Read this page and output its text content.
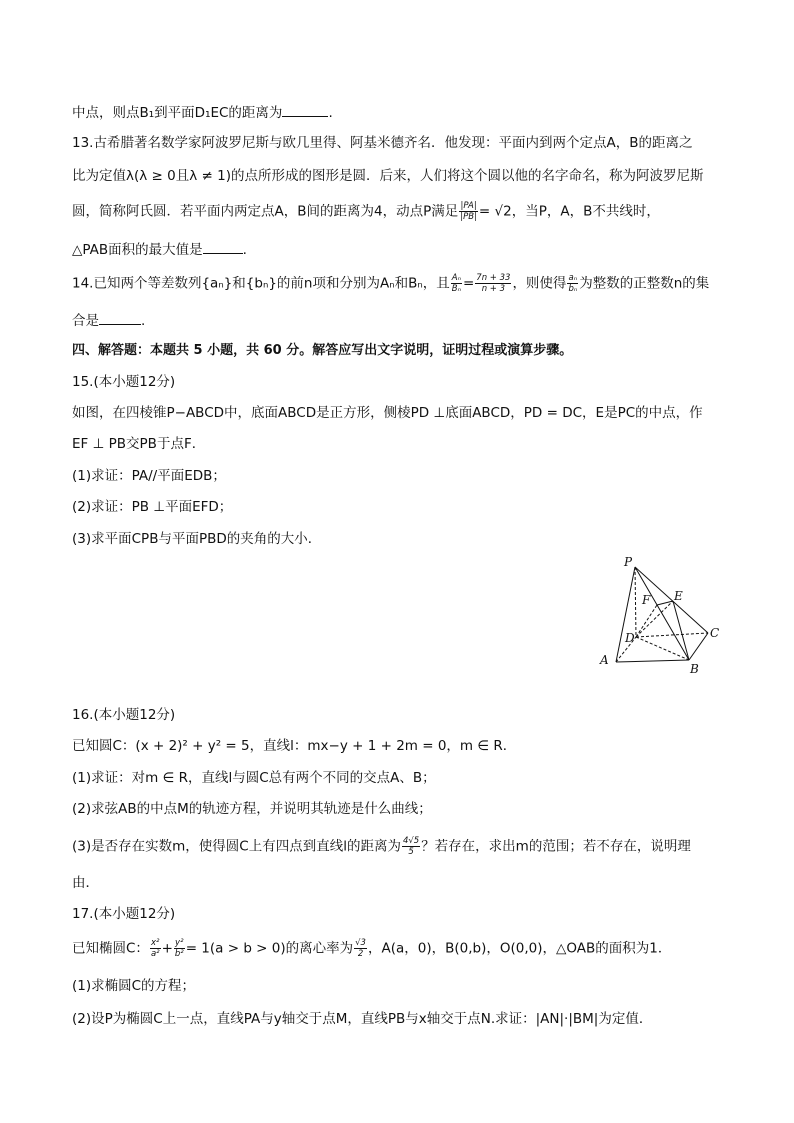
中点，则点B₁到平面D₁EC的距离为	.
13.古希腊著名数学家阿波罗尼斯与欧几里得、阿基米德齐名．他发现：平面内到两个定点A，B的距离之
比为定值λ(λ ≥ 0且λ ≠ 1)的点所形成的图形是圆．后来，人们将这个圆以他的名字命名，称为阿波罗尼斯
圆，简称阿氏圆．若平面内两定点A，B间的距离为4，动点P满足 $\frac{|PA|}{|PB|} = √2$，当P，A，B不共线时，
△PAB面积的最大值是	.
14.已知两个等差数列{aₙ}和{bₙ}的前n项和分别为Aₙ和Bₙ，且 $\frac{\text{Aₙ}}{\text{Bₙ}} = \frac{7n + 33}{n + 3}$ ，则使得 $\frac{\text{aₙ}}{\text{bₙ}}$ 为整数的正整数n的集
合是	.
四、解答题：本题共 5 小题，共 60 分。解答应写出文字说明，证明过程或演算步骤。
15.(本小题12分)
如图，在四棱锥P−ABCD中，底面ABCD是正方形，侧棱PD ⊥底面ABCD，PD = DC，E是PC的中点，作
EF ⊥ PB交PB于点F．
(1)求证：PA//平面EDB；
(2)求证：PB ⊥平面EFD；
(3)求平面CPB与平面PBD的夹角的大小．
P
F E
D	C
A
B
16.(本小题12分)
已知圆C：(x + 2)² + y² = 5，直线l：mx−y + 1 + 2m = 0，m ∈ R．
(1)求证：对m ∈ R，直线l与圆C总有两个不同的交点A、B；
(2)求弦AB的中点M的轨迹方程，并说明其轨迹是什么曲线；
(3)是否存在实数m，使得圆C上有四点到直线l的距离为 $\frac{4√5}{5}$ ？若存在，求出m的范围；若不存在，说明理
由．
17.(本小题12分)
已知椭圆C： $\frac{\text{x²}}{\text{a²}} + \frac{\text{y²}}{\text{b²}} = 1(a > b > 0)$的离心率为 $\frac{√3}{2}$ ，A(a，0)，B(0,b)，O(0,0)，△OAB的面积为1．
(1)求椭圆C的方程；
(2)设P为椭圆C上一点，直线PA与y轴交于点M，直线PB与x轴交于点N.求证：|AN|·|BM|为定值．
